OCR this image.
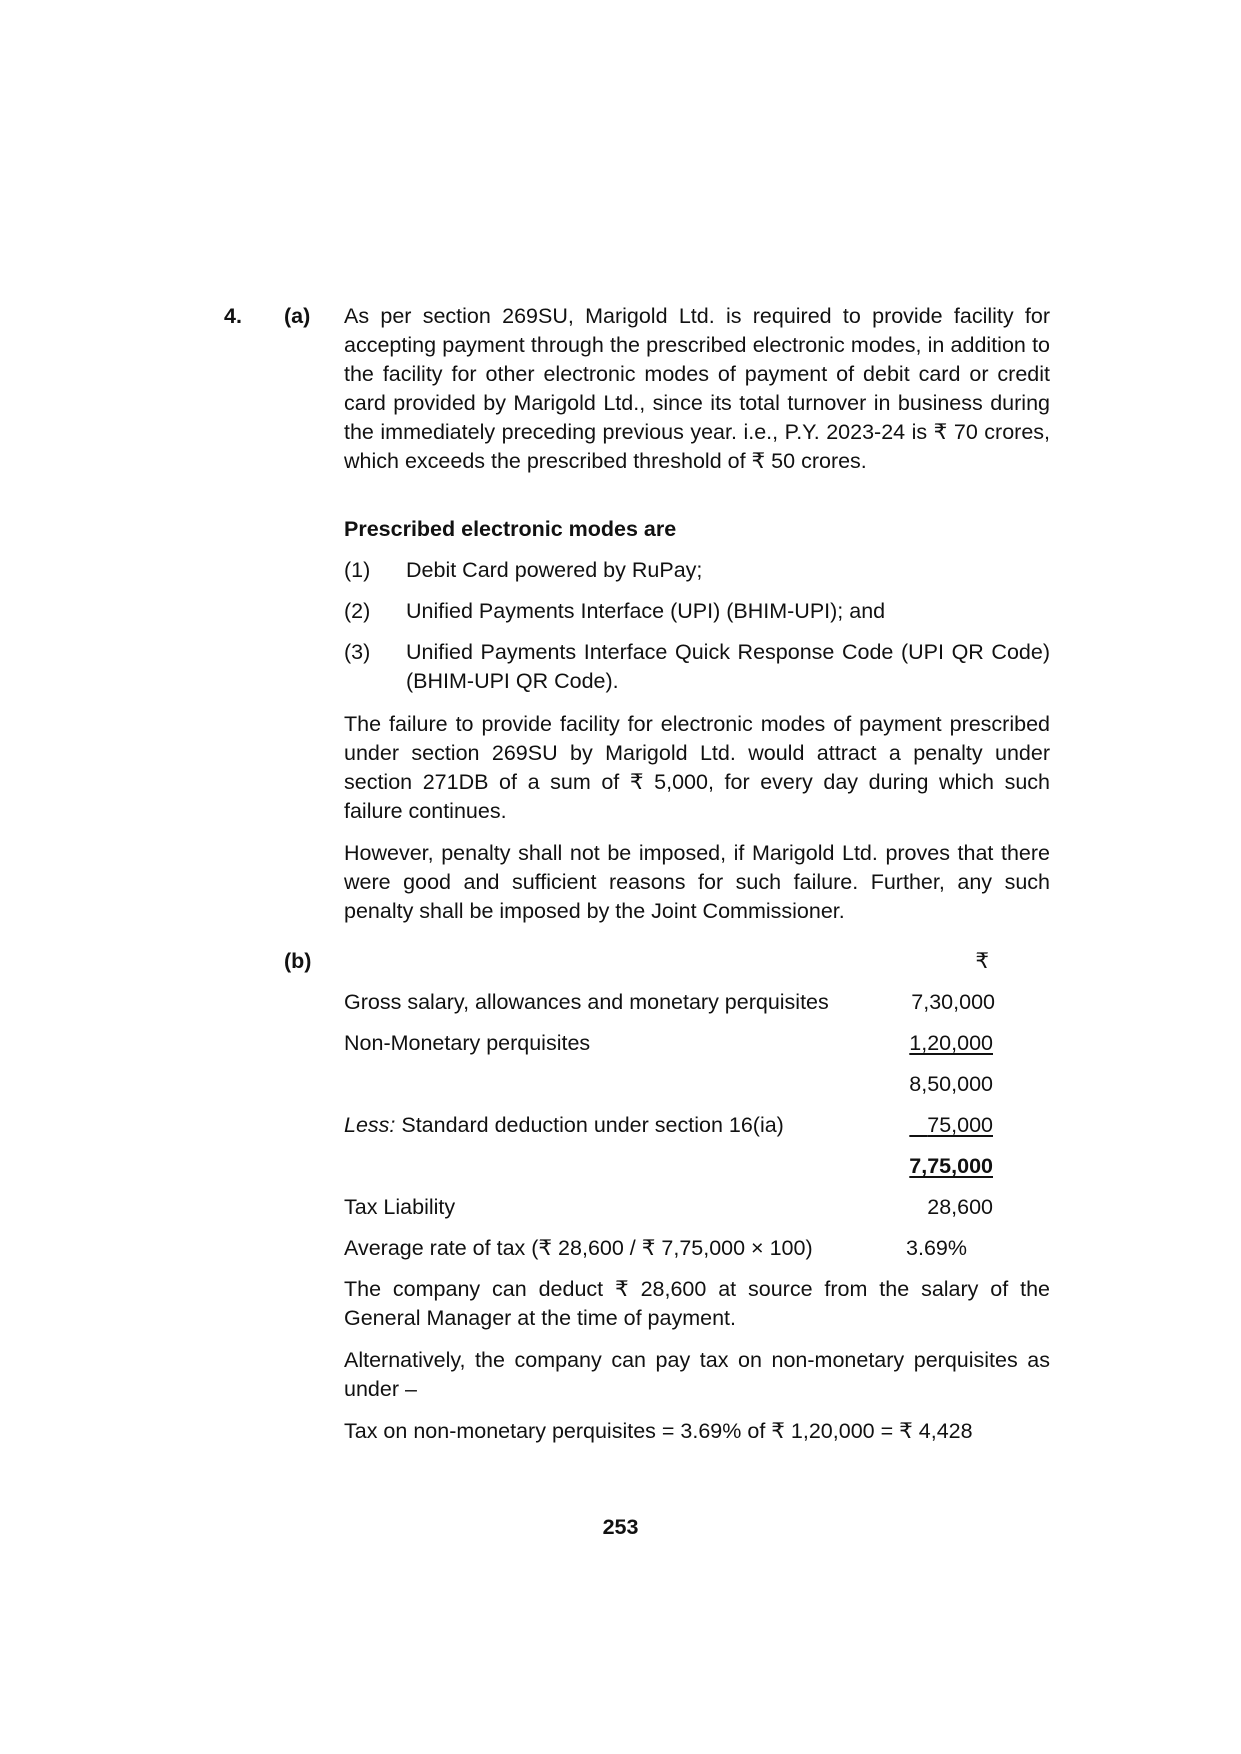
4. (a) As per section 269SU, Marigold Ltd. is required to provide facility for accepting payment through the prescribed electronic modes, in addition to the facility for other electronic modes of payment of debit card or credit card provided by Marigold Ltd., since its total turnover in business during the immediately preceding previous year. i.e., P.Y. 2023-24 is ₹ 70 crores, which exceeds the prescribed threshold of ₹ 50 crores.

Prescribed electronic modes are

(1) Debit Card powered by RuPay;
(2) Unified Payments Interface (UPI) (BHIM-UPI); and
(3) Unified Payments Interface Quick Response Code (UPI QR Code) (BHIM-UPI QR Code).

The failure to provide facility for electronic modes of payment prescribed under section 269SU by Marigold Ltd. would attract a penalty under section 271DB of a sum of ₹ 5,000, for every day during which such failure continues.

However, penalty shall not be imposed, if Marigold Ltd. proves that there were good and sufficient reasons for such failure. Further, any such penalty shall be imposed by the Joint Commissioner.

(b)	₹
Gross salary, allowances and monetary perquisites	7,30,000
Non-Monetary perquisites	1,20,000
8,50,000
Less: Standard deduction under section 16(ia)	75,000
7,75,000
Tax Liability	28,600
Average rate of tax (₹ 28,600 / ₹ 7,75,000 × 100)	3.69%

The company can deduct ₹ 28,600 at source from the salary of the General Manager at the time of payment.

Alternatively, the company can pay tax on non-monetary perquisites as under –

Tax on non-monetary perquisites = 3.69% of ₹ 1,20,000 = ₹ 4,428

253
